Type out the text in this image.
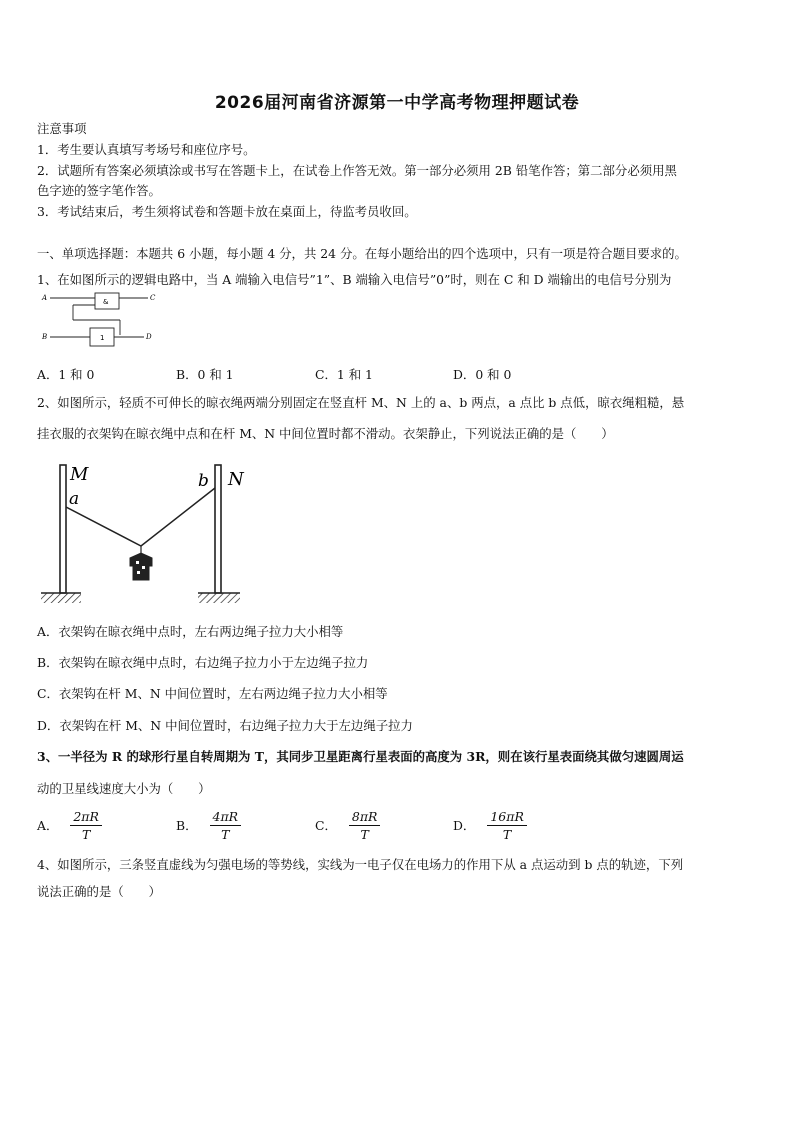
2026届河南省济源第一中学高考物理押题试卷
注意事项
1．考生要认真填写考场号和座位序号。
2．试题所有答案必须填涂或书写在答题卡上，在试卷上作答无效。第一部分必须用 2B 铅笔作答；第二部分必须用黑
色字迹的签字笔作答。
3．考试结束后，考生须将试卷和答题卡放在桌面上，待监考员收回。
一、单项选择题：本题共 6 小题，每小题 4 分，共 24 分。在每小题给出的四个选项中，只有一项是符合题目要求的。
1、在如图所示的逻辑电路中，当 A 端输入电信号”1”、B 端输入电信号”0”时，则在 C 和 D 端输出的电信号分别为
A
B
C
D
&
1
A．1 和 0	B．0 和 1	C．1 和 1	D．0 和 0
2、如图所示，轻质不可伸长的晾衣绳两端分别固定在竖直杆 M、N 上的 a、b 两点，a 点比 b 点低，晾衣绳粗糙，悬
挂衣服的衣架钩在晾衣绳中点和在杆 M、N 中间位置时都不滑动。衣架静止，下列说法正确的是（　　）
M
a
b N
A．衣架钩在晾衣绳中点时，左右两边绳子拉力大小相等
B．衣架钩在晾衣绳中点时，右边绳子拉力小于左边绳子拉力
C．衣架钩在杆 M、N 中间位置时，左右两边绳子拉力大小相等
D．衣架钩在杆 M、N 中间位置时，右边绳子拉力大于左边绳子拉力
3、一半径为 R 的球形行星自转周期为 T，其同步卫星距离行星表面的高度为 3R，则在该行星表面绕其做匀速圆周运
动的卫星线速度大小为（　　）
A． $\frac{2\pi R}{T}$	B． $\frac{4\pi R}{T}$	C． $\frac{8\pi R}{T}$	D． $\frac{16\pi R}{T}$
4、如图所示，三条竖直虚线为匀强电场的等势线，实线为一电子仅在电场力的作用下从 a 点运动到 b 点的轨迹，下列
说法正确的是（　　）
